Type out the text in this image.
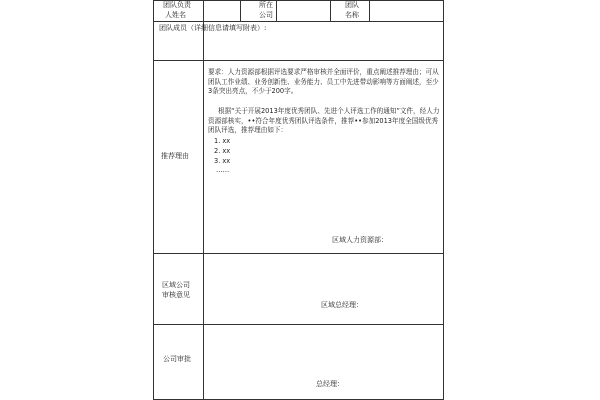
团队负责
人姓名
所在
公司
团队
名称
团队成员（详细信息请填写附表）:
推荐理由
要求：人力资源部根据评选要求严格审核并全面评价，重点阐述推荐理由；可从团队工作业绩、业务创新性、业务能力、员工中先进带动影响等方面阐述，至少3条突出亮点，不少于200字。
根据“关于开展2013年度优秀团队、先进个人评选工作的通知”文件，经人力资源部核实，••符合年度优秀团队评选条件，推荐••参加2013年度全国级优秀团队评选，推荐理由如下：
1. xx
2. xx
3. xx
……
区域人力资源部：
区域公司
审核意见
区域总经理：
公司审批
总经理：
